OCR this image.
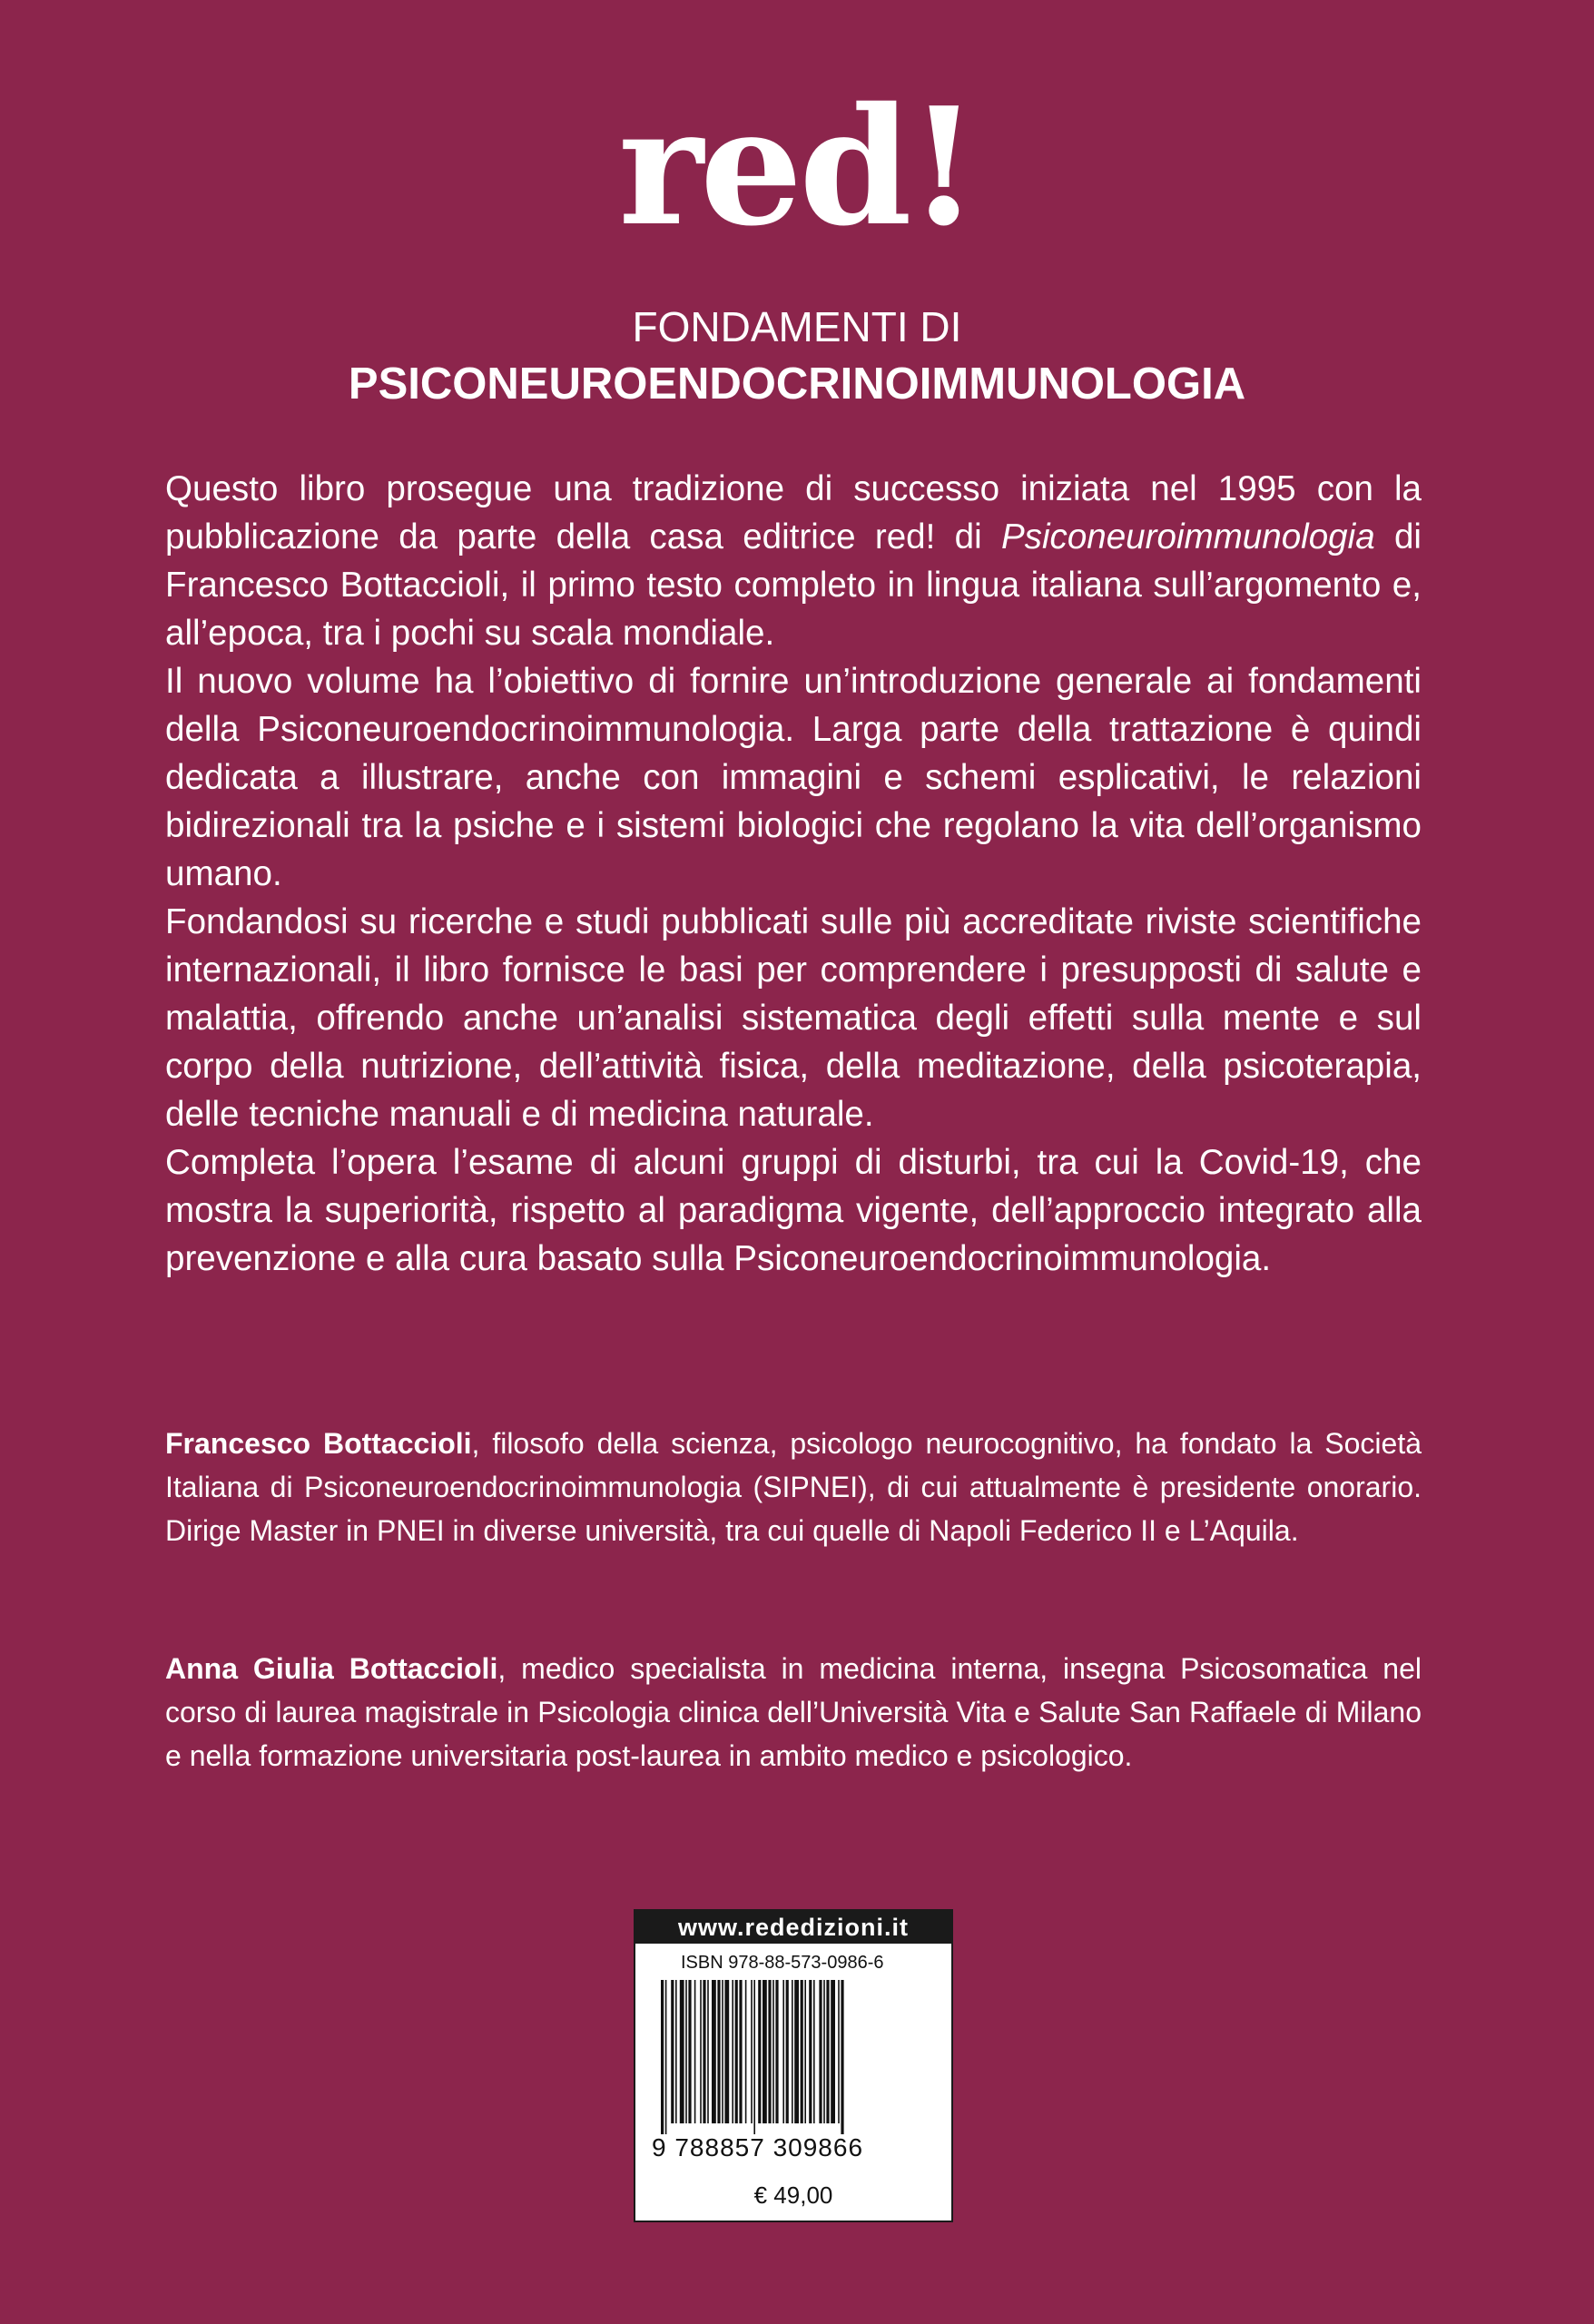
red!
FONDAMENTI DI
PSICONEUROENDOCRINOIMMUNOLOGIA

Questo libro prosegue una tradizione di successo iniziata nel 1995 con la pubblicazione da parte della casa editrice red! di Psiconeuroimmunologia di Francesco Bottaccioli, il primo testo completo in lingua italiana sull’argomento e, all’epoca, tra i pochi su scala mondiale.

Il nuovo volume ha l’obiettivo di fornire un’introduzione generale ai fondamenti della Psiconeuroendocrinoimmunologia. Larga parte della trattazione è quindi dedicata a illustrare, anche con immagini e schemi esplicativi, le relazioni bidirezionali tra la psiche e i sistemi biologici che regolano la vita dell’organismo umano.

Fondandosi su ricerche e studi pubblicati sulle più accreditate riviste scientifiche internazionali, il libro fornisce le basi per comprendere i presupposti di salute e malattia, offrendo anche un’analisi sistematica degli effetti sulla mente e sul corpo della nutrizione, dell’attività fisica, della meditazione, della psicoterapia, delle tecniche manuali e di medicina naturale.

Completa l’opera l’esame di alcuni gruppi di disturbi, tra cui la Covid-19, che mostra la superiorità, rispetto al paradigma vigente, dell’approccio integrato alla prevenzione e alla cura basato sulla Psiconeuroendocrinoimmunologia.

Francesco Bottaccioli, filosofo della scienza, psicologo neurocognitivo, ha fondato la Società Italiana di Psiconeuroendocrinoimmunologia (SIPNEI), di cui attualmente è presidente onorario. Dirige Master in PNEI in diverse università, tra cui quelle di Napoli Federico II e L’Aquila.
Anna Giulia Bottaccioli, medico specialista in medicina interna, insegna Psicosomatica nel corso di laurea magistrale in Psicologia clinica dell’Università Vita e Salute San Raffaele di Milano e nella formazione universitaria post-laurea in ambito medico e psicologico.
www.rededizioni.it
ISBN 978-88-573-0986-6
9 788857 309866
€ 49,00
